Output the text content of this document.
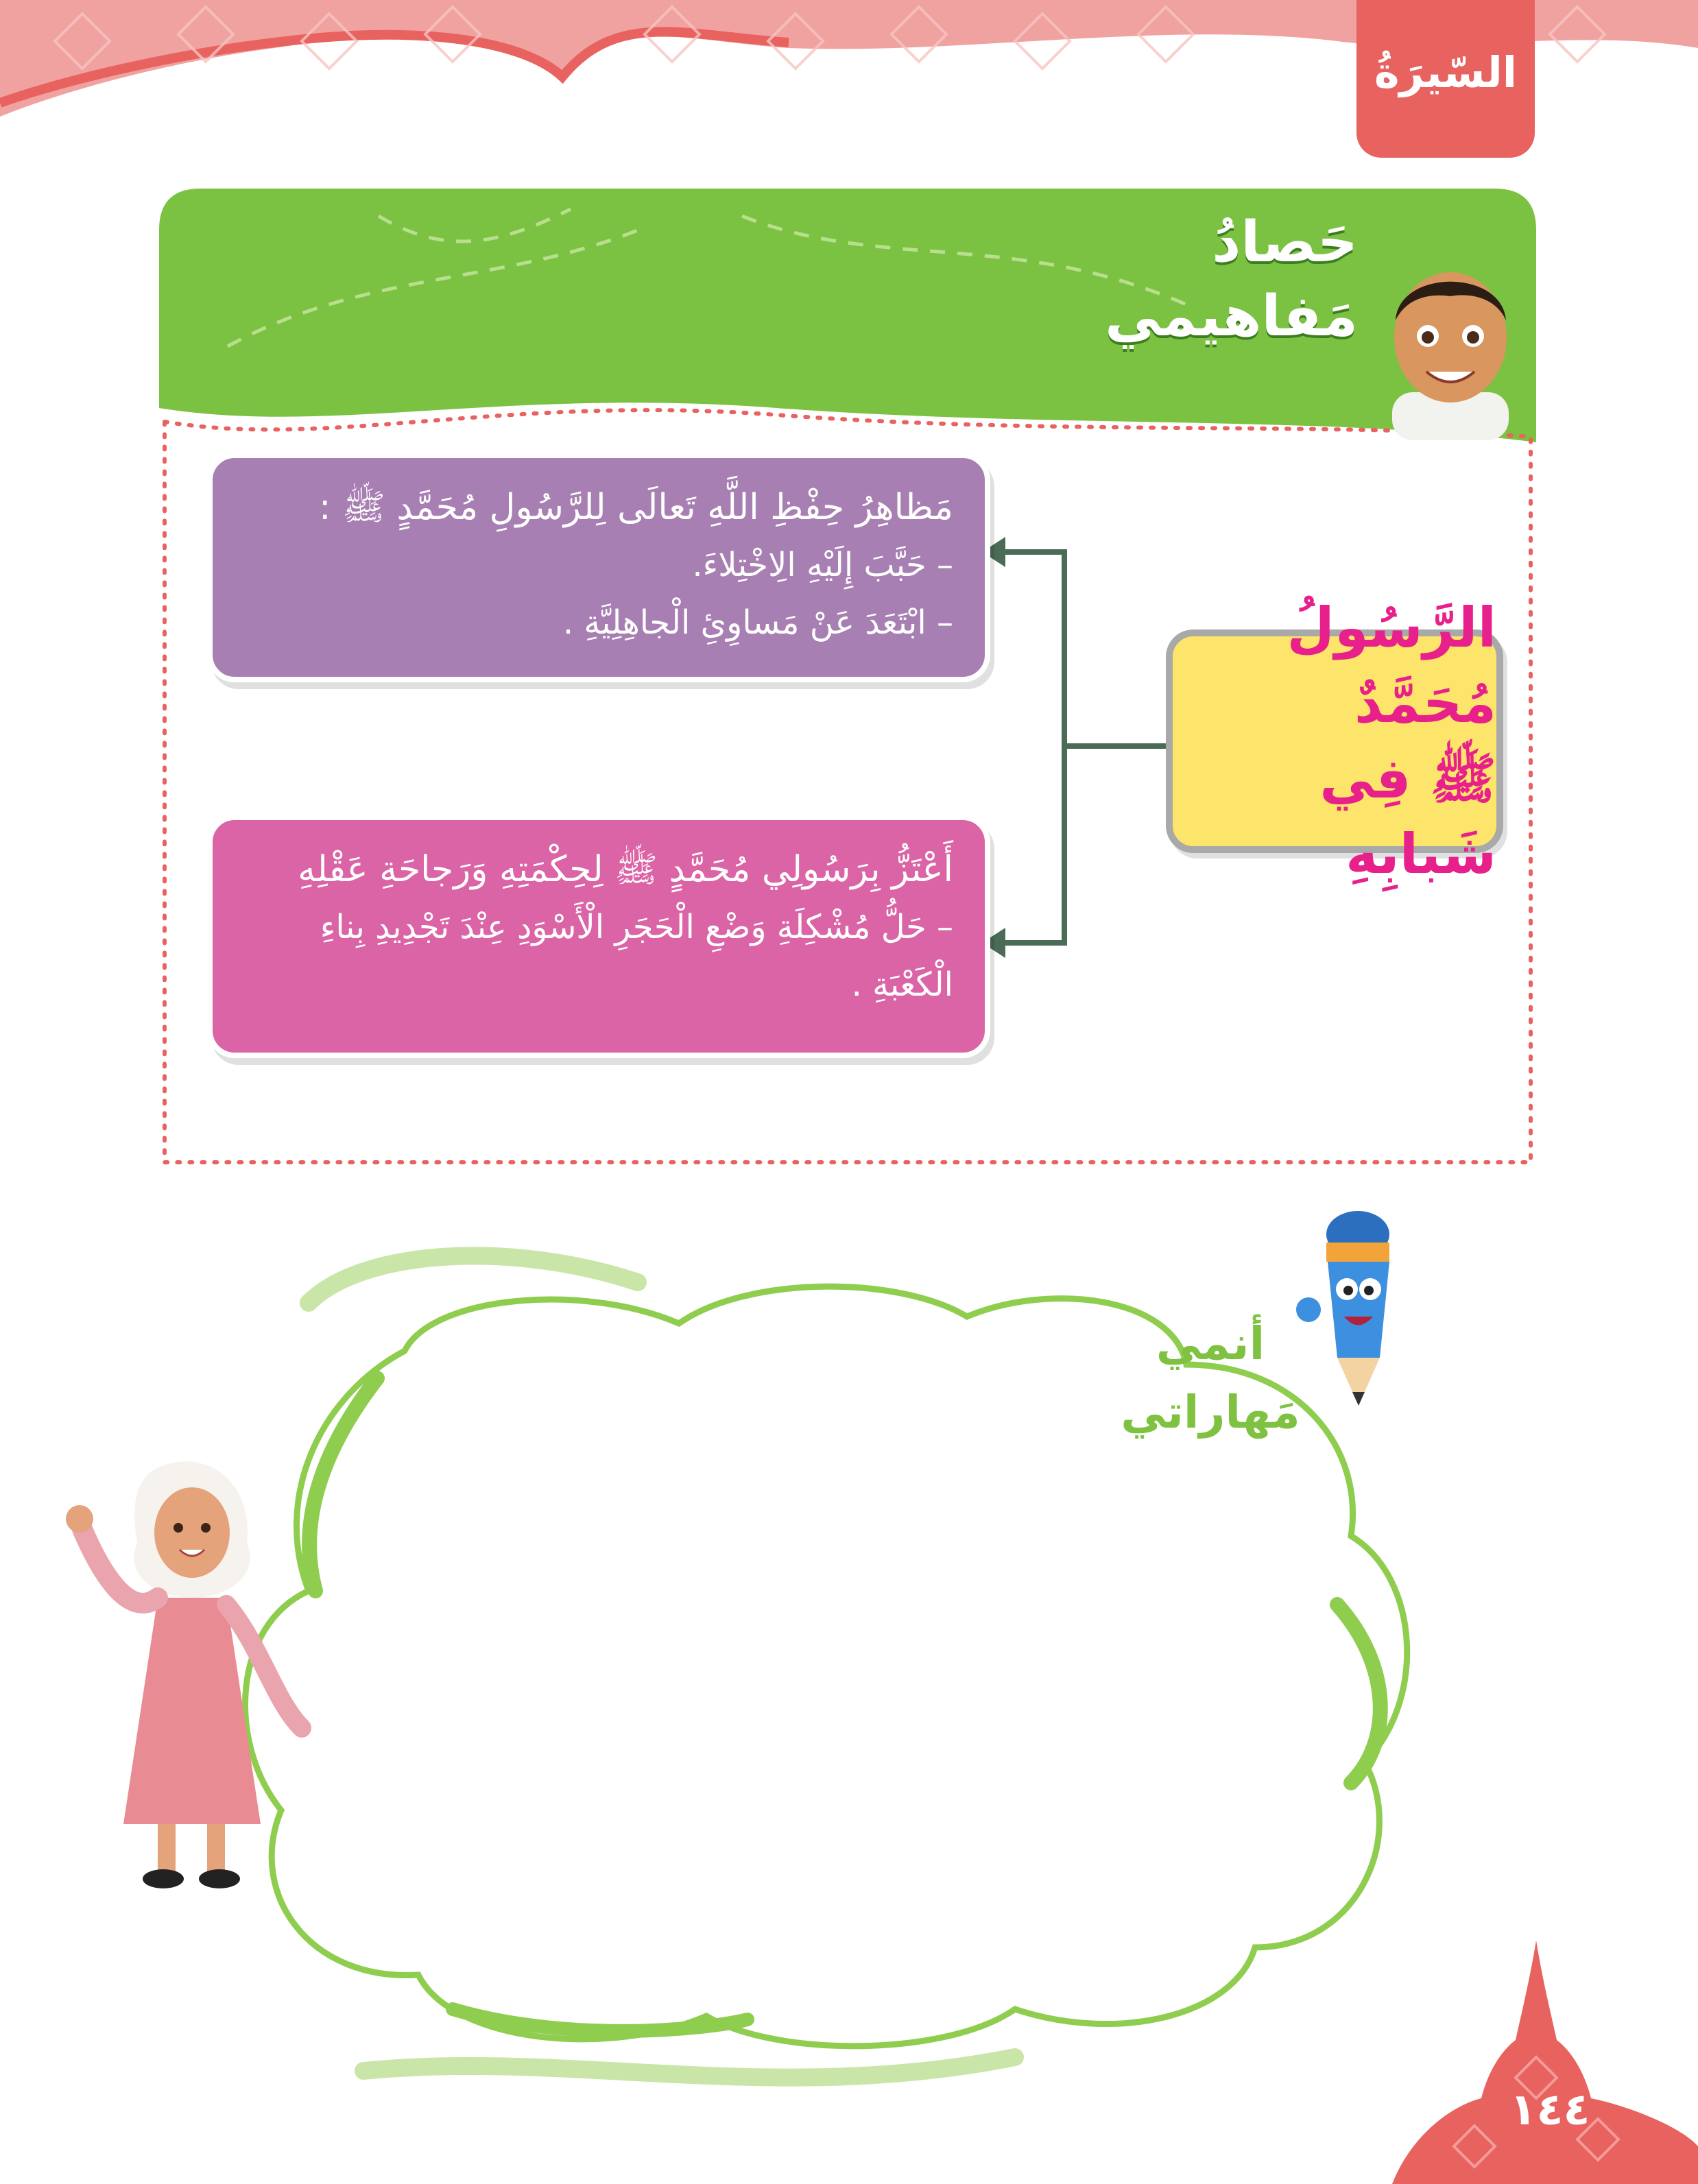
السّيرَةُ
حَصادُ
مَفاهيمي
مَظاهِرُ حِفْظِ اللَّهِ تَعالَى لِلرَّسُولِ مُحَمَّدٍ ﷺ :
– حَبَّبَ إِلَيْهِ الِاخْتِلاءَ.
– ابْتَعَدَ عَنْ مَساوِئِ الْجاهِلِيَّةِ .
أَعْتَزُّ بِرَسُولِي مُحَمَّدٍ ﷺ لِحِكْمَتِهِ وَرَجاحَةِ عَقْلِهِ
– حَلُّ مُشْكِلَةِ وَضْعِ الْحَجَرِ الْأَسْوَدِ عِنْدَ تَجْدِيدِ بِناءِ
الْكَعْبَةِ .
الرَّسُولُ مُحَمَّدٌ
ﷺ فِي شَبابِهِ
أنمي
مَهاراتي
١٤٤
